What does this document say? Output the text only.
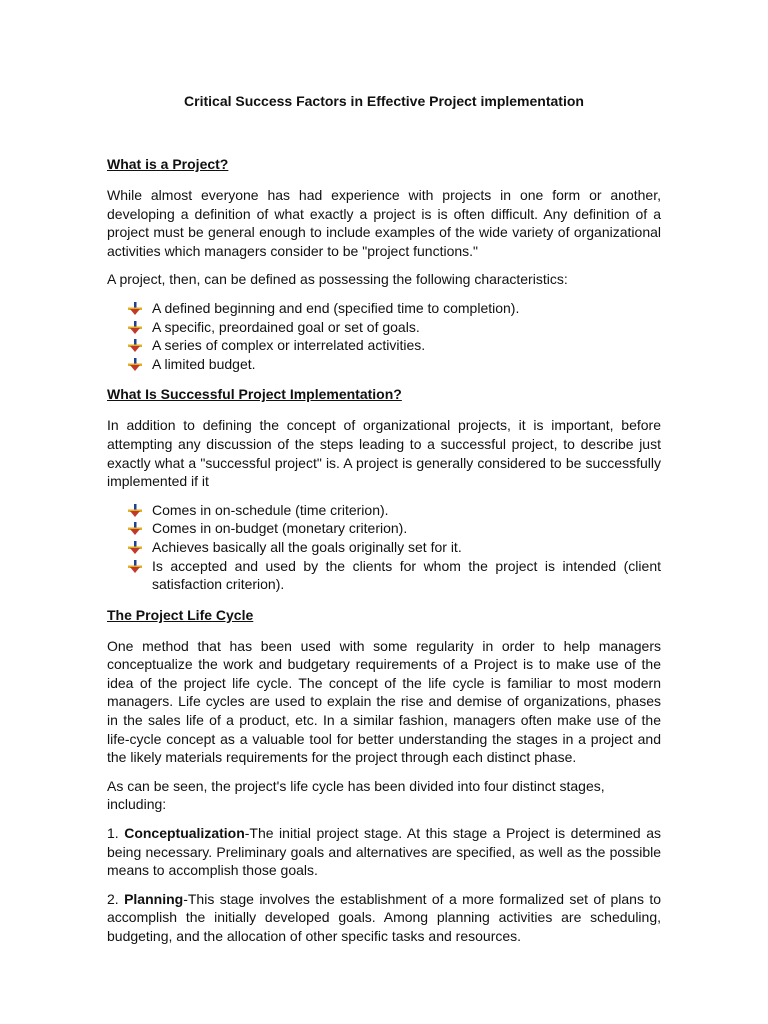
Critical Success Factors in Effective Project implementation
What is a Project?

While almost everyone has had experience with projects in one form or another, developing a definition of what exactly a project is is often difficult. Any definition of a project must be general enough to include examples of the wide variety of organizational activities which managers consider to be "project functions."

A project, then, can be defined as possessing the following characteristics:

A defined beginning and end (specified time to completion).
A specific, preordained goal or set of goals.
A series of complex or interrelated activities.
A limited budget.
What Is Successful Project Implementation?

In addition to defining the concept of organizational projects, it is important, before attempting any discussion of the steps leading to a successful project, to describe just exactly what a "successful project" is. A project is generally considered to be successfully implemented if it

Comes in on-schedule (time criterion).
Comes in on-budget (monetary criterion).
Achieves basically all the goals originally set for it.
Is accepted and used by the clients for whom the project is intended (client satisfaction criterion).
The Project Life Cycle

One method that has been used with some regularity in order to help managers conceptualize the work and budgetary requirements of a Project is to make use of the idea of the project life cycle. The concept of the life cycle is familiar to most modern managers. Life cycles are used to explain the rise and demise of organizations, phases in the sales life of a product, etc. In a similar fashion, managers often make use of the life-cycle concept as a valuable tool for better understanding the stages in a project and the likely materials requirements for the project through each distinct phase.

As can be seen, the project's life cycle has been divided into four distinct stages, including:

1. Conceptualization-The initial project stage. At this stage a Project is determined as being necessary. Preliminary goals and alternatives are specified, as well as the possible means to accomplish those goals.

2. Planning-This stage involves the establishment of a more formalized set of plans to accomplish the initially developed goals. Among planning activities are scheduling, budgeting, and the allocation of other specific tasks and resources.
